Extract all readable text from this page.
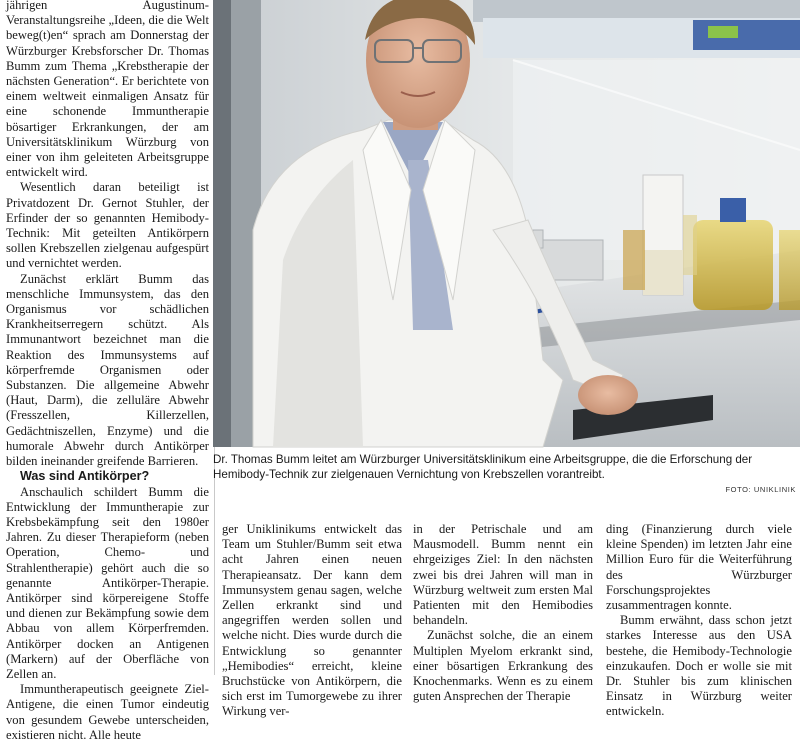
jährigen Augustinum-Veranstaltungsreihe „Ideen, die die Welt beweg(t)en“ sprach am Donnerstag der Würzburger Krebsforscher Dr. Thomas Bumm zum Thema „Krebstherapie der nächsten Generation“. Er berichtete von einem weltweit einmaligen Ansatz für eine schonende Immuntherapie bösartiger Erkrankungen, der am Universitätsklinikum Würzburg von einer von ihm geleiteten Arbeitsgruppe entwickelt wird.

Wesentlich daran beteiligt ist Privatdozent Dr. Gernot Stuhler, der Erfinder der so genannten Hemibody-Technik: Mit geteilten Antikörpern sollen Krebszellen zielgenau aufgespürt und vernichtet werden.

Zunächst erklärt Bumm das menschliche Immunsystem, das den Organismus vor schädlichen Krankheitserregern schützt. Als Immunantwort bezeichnet man die Reaktion des Immunsystems auf körperfremde Organismen oder Substanzen. Die allgemeine Abwehr (Haut, Darm), die zelluläre Abwehr (Fresszellen, Killerzellen, Gedächtniszellen, Enzyme) und die humorale Abwehr durch Antikörper bilden ineinander greifende Barrieren.

Was sind Antikörper?

Anschaulich schildert Bumm die Entwicklung der Immuntherapie zur Krebsbekämpfung seit den 1980er Jahren. Zu dieser Therapieform (neben Operation, Chemo- und Strahlentherapie) gehört auch die so genannte Antikörper-Therapie. Antikörper sind körpereigene Stoffe und dienen zur Bekämpfung sowie dem Abbau von allem Körperfremden. Antikörper docken an Antigenen (Markern) auf der Oberfläche von Zellen an.

Immuntherapeutisch geeignete Ziel-Antigene, die einen Tumor eindeutig von gesundem Gewebe unterscheiden, existieren nicht. Alle heute

Dr. Thomas Bumm leitet am Würzburger Universitätsklinikum eine Arbeitsgruppe, die die Erforschung der Hemibody-Technik zur zielgenauen Vernichtung von Krebszellen vorantreibt.

FOTO: UNIKLINIK

ger Uniklinikums entwickelt das Team um Stuhler/Bumm seit etwa acht Jahren einen neuen Therapieansatz. Der kann dem Immunsystem genau sagen, welche Zellen erkrankt sind und angegriffen werden sollen und welche nicht. Dies wurde durch die Entwicklung so genannter „Hemibodies“ erreicht, kleine Bruchstücke von Antikörpern, die sich erst im Tumorgewebe zu ihrer Wirkung ver-

in der Petrischale und am Mausmodell. Bumm nennt ein ehrgeiziges Ziel: In den nächsten zwei bis drei Jahren will man in Würzburg weltweit zum ersten Mal Patienten mit den Hemibodies behandeln.

Zunächst solche, die an einem Multiplen Myelom erkrankt sind, einer bösartigen Erkrankung des Knochenmarks. Wenn es zu einem guten Ansprechen der Therapie

ding (Finanzierung durch viele kleine Spenden) im letzten Jahr eine Million Euro für die Weiterführung des Würzburger Forschungsprojektes zusammentragen konnte.

Bumm erwähnt, dass schon jetzt starkes Interesse aus den USA bestehe, die Hemibody-Technologie einzukaufen. Doch er wolle sie mit Dr. Stuhler bis zum klinischen Einsatz in Würzburg weiter entwickeln.
